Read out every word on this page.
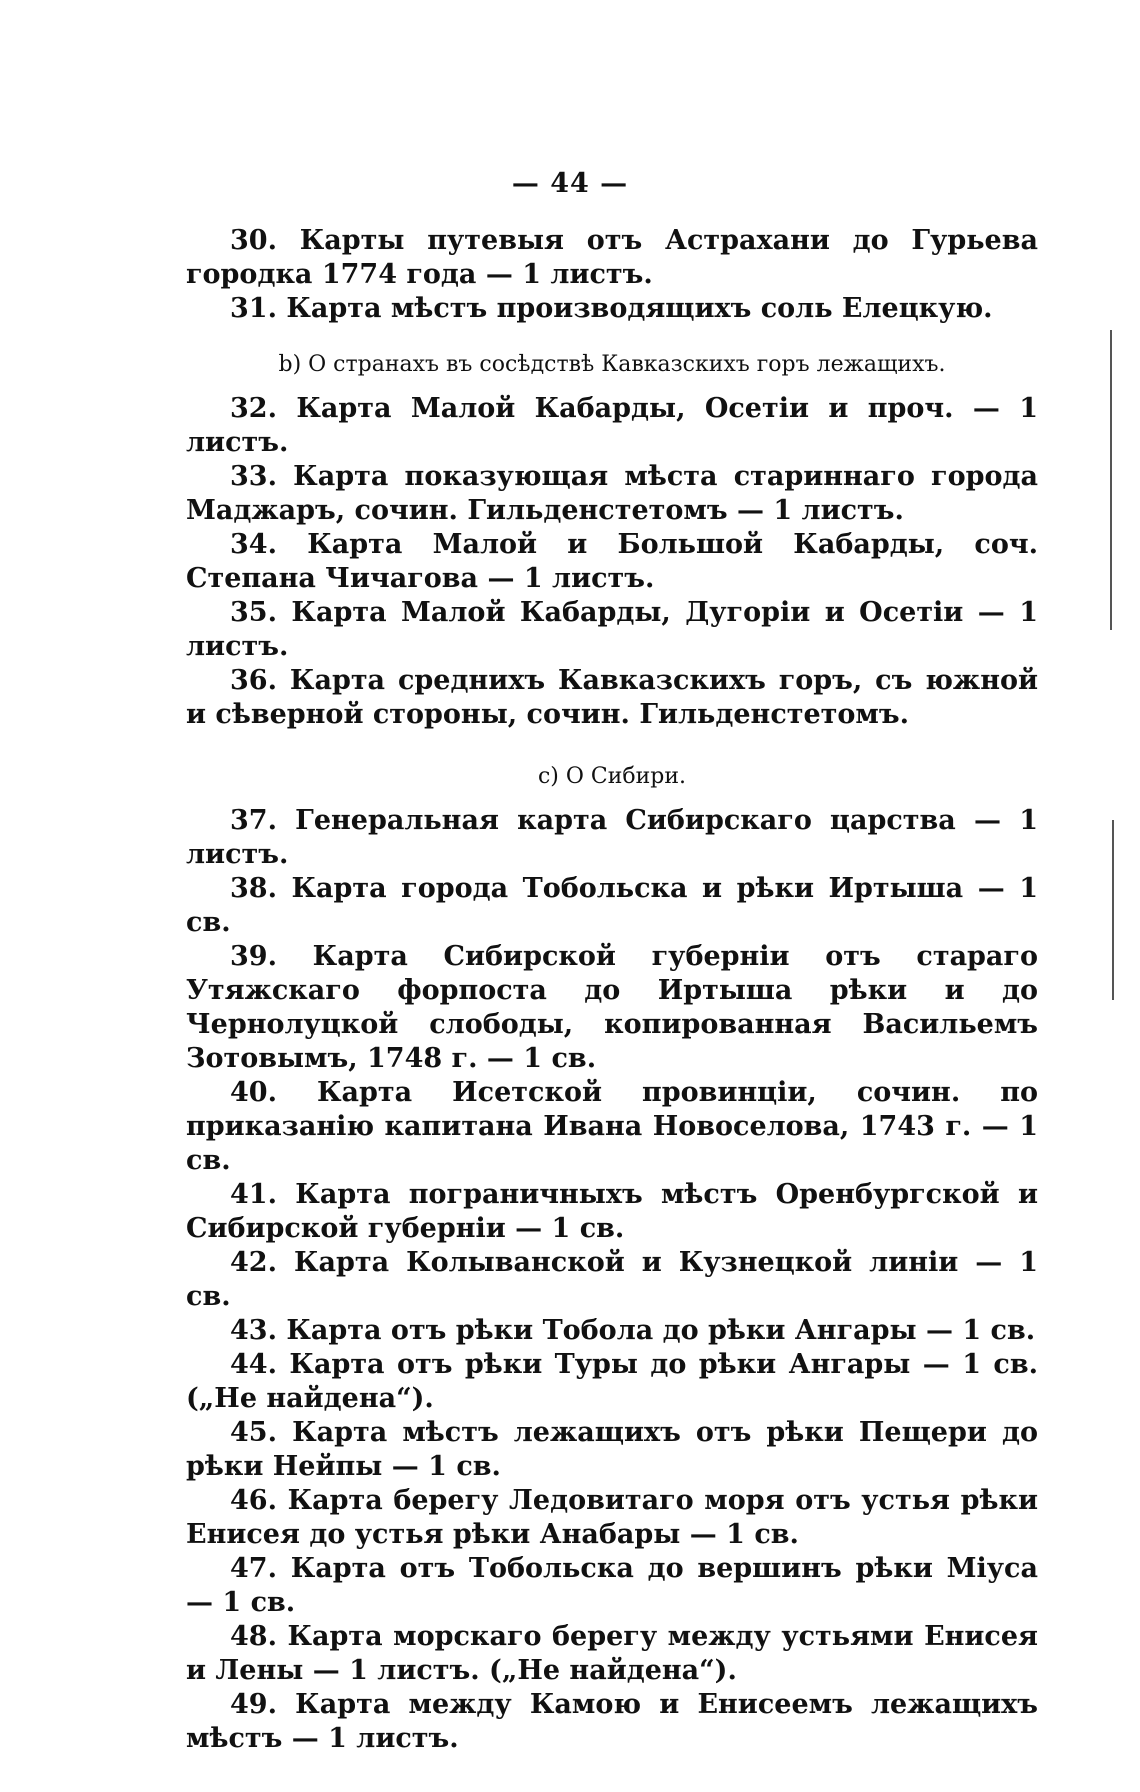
— 44 —

30. Карты путевыя отъ Астрахани до Гурьева городка 1774 года — 1 листъ.

31. Карта мѣстъ производящихъ соль Елецкую.

b) О странахъ въ сосѣдствѣ Кавказскихъ горъ лежащихъ.

32. Карта Малой Кабарды, Осетіи и проч. — 1 листъ.

33. Карта показующая мѣста стариннаго города Маджаръ, сочин. Гильденстетомъ — 1 листъ.

34. Карта Малой и Большой Кабарды, соч. Степана Чичагова — 1 листъ.

35. Карта Малой Кабарды, Дугоріи и Осетіи — 1 листъ.

36. Карта среднихъ Кавказскихъ горъ, съ южной и сѣверной стороны, сочин. Гильденстетомъ.

c) О Сибири.

37. Генеральная карта Сибирскаго царства — 1 листъ.

38. Карта города Тобольска и рѣки Иртыша — 1 св.

39. Карта Сибирской губерніи отъ стараго Утяжскаго форпоста до Иртыша рѣки и до Чернолуцкой слободы, копированная Васильемъ Зотовымъ, 1748 г. — 1 св.

40. Карта Исетской провинціи, сочин. по приказанію капитана Ивана Новоселова, 1743 г. — 1 св.

41. Карта пограничныхъ мѣстъ Оренбургской и Сибирской губерніи — 1 св.

42. Карта Колыванской и Кузнецкой линіи — 1 св.

43. Карта отъ рѣки Тобола до рѣки Ангары — 1 св.

44. Карта отъ рѣки Туры до рѣки Ангары — 1 св. („Не найдена“).

45. Карта мѣстъ лежащихъ отъ рѣки Пещери до рѣки Нейпы — 1 св.

46. Карта берегу Ледовитаго моря отъ устья рѣки Енисея до устья рѣки Анабары — 1 св.

47. Карта отъ Тобольска до вершинъ рѣки Міуса — 1 св.

48. Карта морскаго берегу между устьями Енисея и Лены — 1 листъ. („Не найдена“).

49. Карта между Камою и Енисеемъ лежащихъ мѣстъ — 1 листъ.
